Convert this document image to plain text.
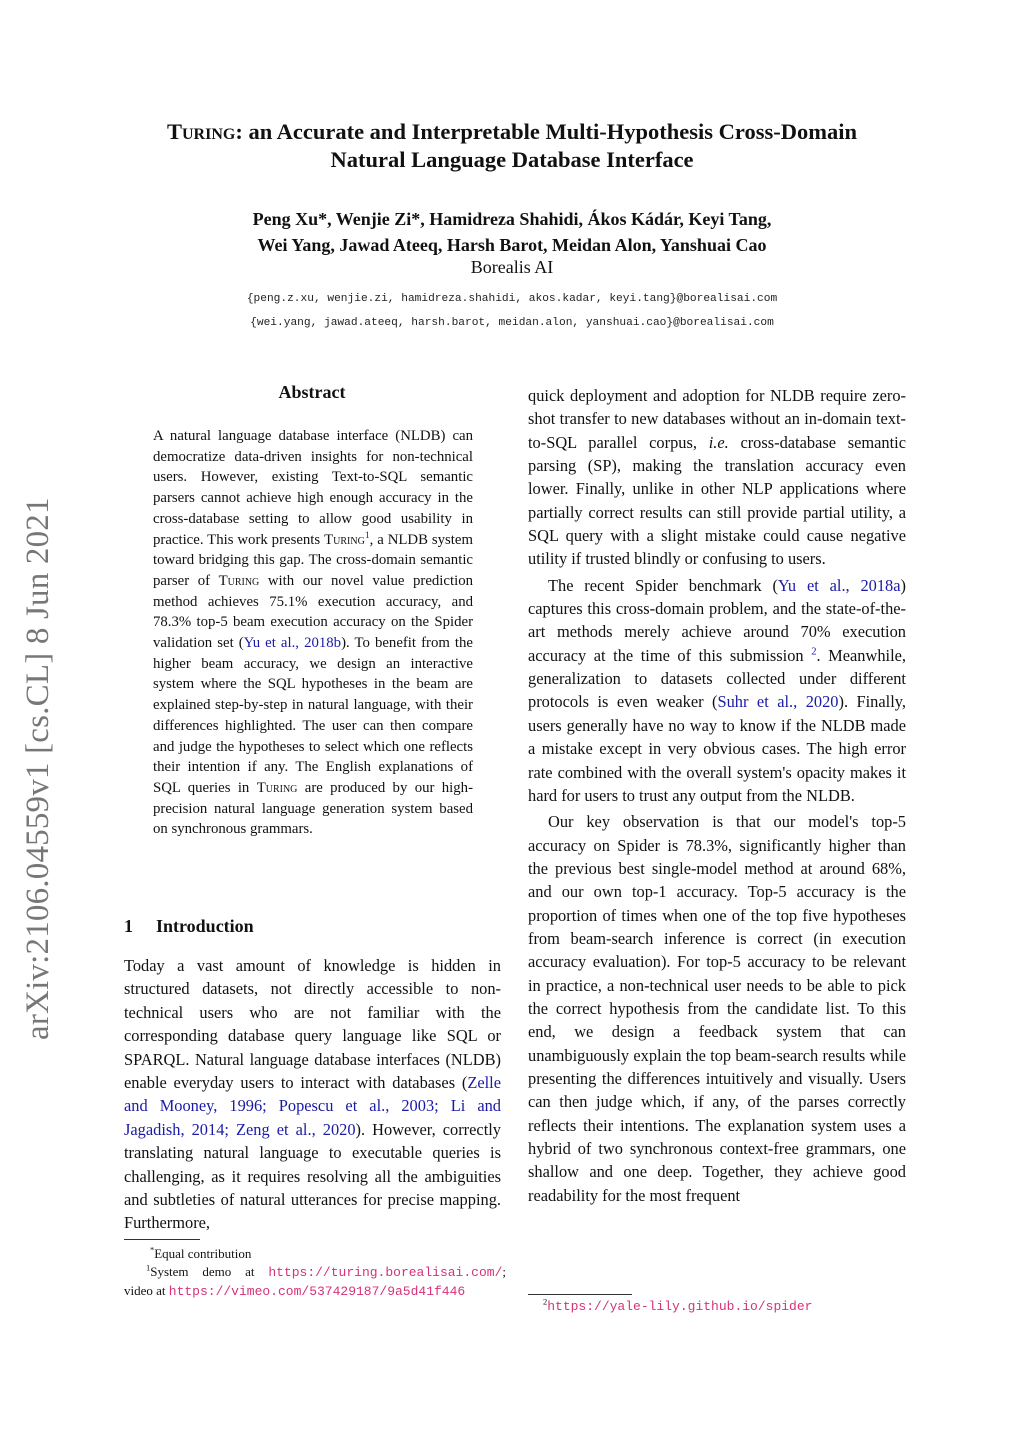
Turing: an Accurate and Interpretable Multi-Hypothesis Cross-Domain
Natural Language Database Interface
Peng Xu*, Wenjie Zi*, Hamidreza Shahidi, Ákos Kádár, Keyi Tang,
Wei Yang, Jawad Ateeq, Harsh Barot, Meidan Alon, Yanshuai Cao
Borealis AI
{peng.z.xu, wenjie.zi, hamidreza.shahidi, akos.kadar, keyi.tang}@borealisai.com
{wei.yang, jawad.ateeq, harsh.barot, meidan.alon, yanshuai.cao}@borealisai.com
arXiv:2106.04559v1 [cs.CL] 8 Jun 2021
Abstract
A natural language database interface (NLDB) can democratize data-driven insights for non-technical users. However, existing Text-to-SQL semantic parsers cannot achieve high enough accuracy in the cross-database setting to allow good usability in practice. This work presents Turing$^1$, a NLDB system toward bridging this gap. The cross-domain semantic parser of Turing with our novel value prediction method achieves 75.1% execution accuracy, and 78.3% top-5 beam execution accuracy on the Spider validation set (Yu et al., 2018b). To benefit from the higher beam accuracy, we design an interactive system where the SQL hypotheses in the beam are explained step-by-step in natural language, with their differences highlighted. The user can then compare and judge the hypotheses to select which one reflects their intention if any. The English explanations of SQL queries in Turing are produced by our high-precision natural language generation system based on synchronous grammars.
1 Introduction
Today a vast amount of knowledge is hidden in structured datasets, not directly accessible to non-technical users who are not familiar with the corresponding database query language like SQL or SPARQL. Natural language database interfaces (NLDB) enable everyday users to interact with databases (Zelle and Mooney, 1996; Popescu et al., 2003; Li and Jagadish, 2014; Zeng et al., 2020). However, correctly translating natural language to executable queries is challenging, as it requires resolving all the ambiguities and subtleties of natural utterances for precise mapping. Furthermore,
*Equal contribution
$^1$System demo at https://turing.borealisai.com/; video at https://vimeo.com/537429187/9a5d41f446

quick deployment and adoption for NLDB require zero-shot transfer to new databases without an in-domain text-to-SQL parallel corpus, i.e. cross-database semantic parsing (SP), making the translation accuracy even lower. Finally, unlike in other NLP applications where partially correct results can still provide partial utility, a SQL query with a slight mistake could cause negative utility if trusted blindly or confusing to users.

The recent Spider benchmark (Yu et al., 2018a) captures this cross-domain problem, and the state-of-the-art methods merely achieve around 70% execution accuracy at the time of this submission $^2$. Meanwhile, generalization to datasets collected under different protocols is even weaker (Suhr et al., 2020). Finally, users generally have no way to know if the NLDB made a mistake except in very obvious cases. The high error rate combined with the overall system's opacity makes it hard for users to trust any output from the NLDB.

Our key observation is that our model's top-5 accuracy on Spider is 78.3%, significantly higher than the previous best single-model method at around 68%, and our own top-1 accuracy. Top-5 accuracy is the proportion of times when one of the top five hypotheses from beam-search inference is correct (in execution accuracy evaluation). For top-5 accuracy to be relevant in practice, a non-technical user needs to be able to pick the correct hypothesis from the candidate list. To this end, we design a feedback system that can unambiguously explain the top beam-search results while presenting the differences intuitively and visually. Users can then judge which, if any, of the parses correctly reflects their intentions. The explanation system uses a hybrid of two synchronous context-free grammars, one shallow and one deep. Together, they achieve good readability for the most frequent

$^2$https://yale-lily.github.io/spider
